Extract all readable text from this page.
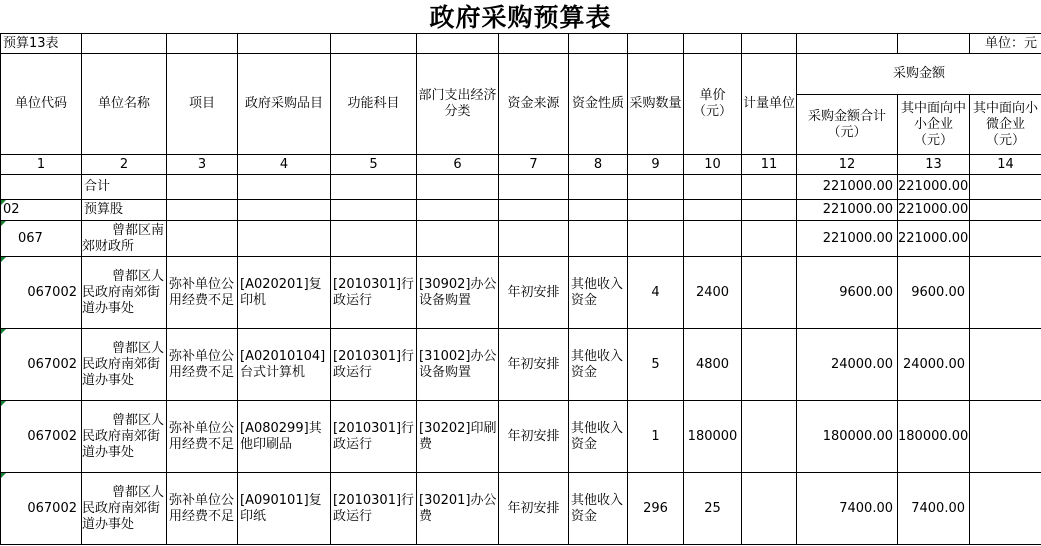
政府采购预算表
预算13表													单位：元
单位代码	单位名称	项目	政府采购品目	功能科目	部门支出经济分类	资金来源	资金性质	采购数量	单价（元）	计量单位	采购金额		
											采购金额合计（元）	其中面向中小企业（元）	其中面向小微企业（元）
1	2	3	4	5	6	7	8	9	10	11	12	13	14
	合计										221000.00	221000.00	
02	预算股										221000.00	221000.00	
067	曾都区南郊财政所										221000.00	221000.00	
067002	曾都区人民政府南郊街道办事处	弥补单位公用经费不足	[A020201]复印机	[2010301]行政运行	[30902]办公设备购置	年初安排	其他收入资金	4	2400		9600.00	9600.00	
067002	曾都区人民政府南郊街道办事处	弥补单位公用经费不足	[A02010104]台式计算机	[2010301]行政运行	[31002]办公设备购置	年初安排	其他收入资金	5	4800		24000.00	24000.00	
067002	曾都区人民政府南郊街道办事处	弥补单位公用经费不足	[A080299]其他印刷品	[2010301]行政运行	[30202]印刷费	年初安排	其他收入资金	1	180000		180000.00	180000.00	
067002	曾都区人民政府南郊街道办事处	弥补单位公用经费不足	[A090101]复印纸	[2010301]行政运行	[30201]办公费	年初安排	其他收入资金	296	25		7400.00	7400.00	
